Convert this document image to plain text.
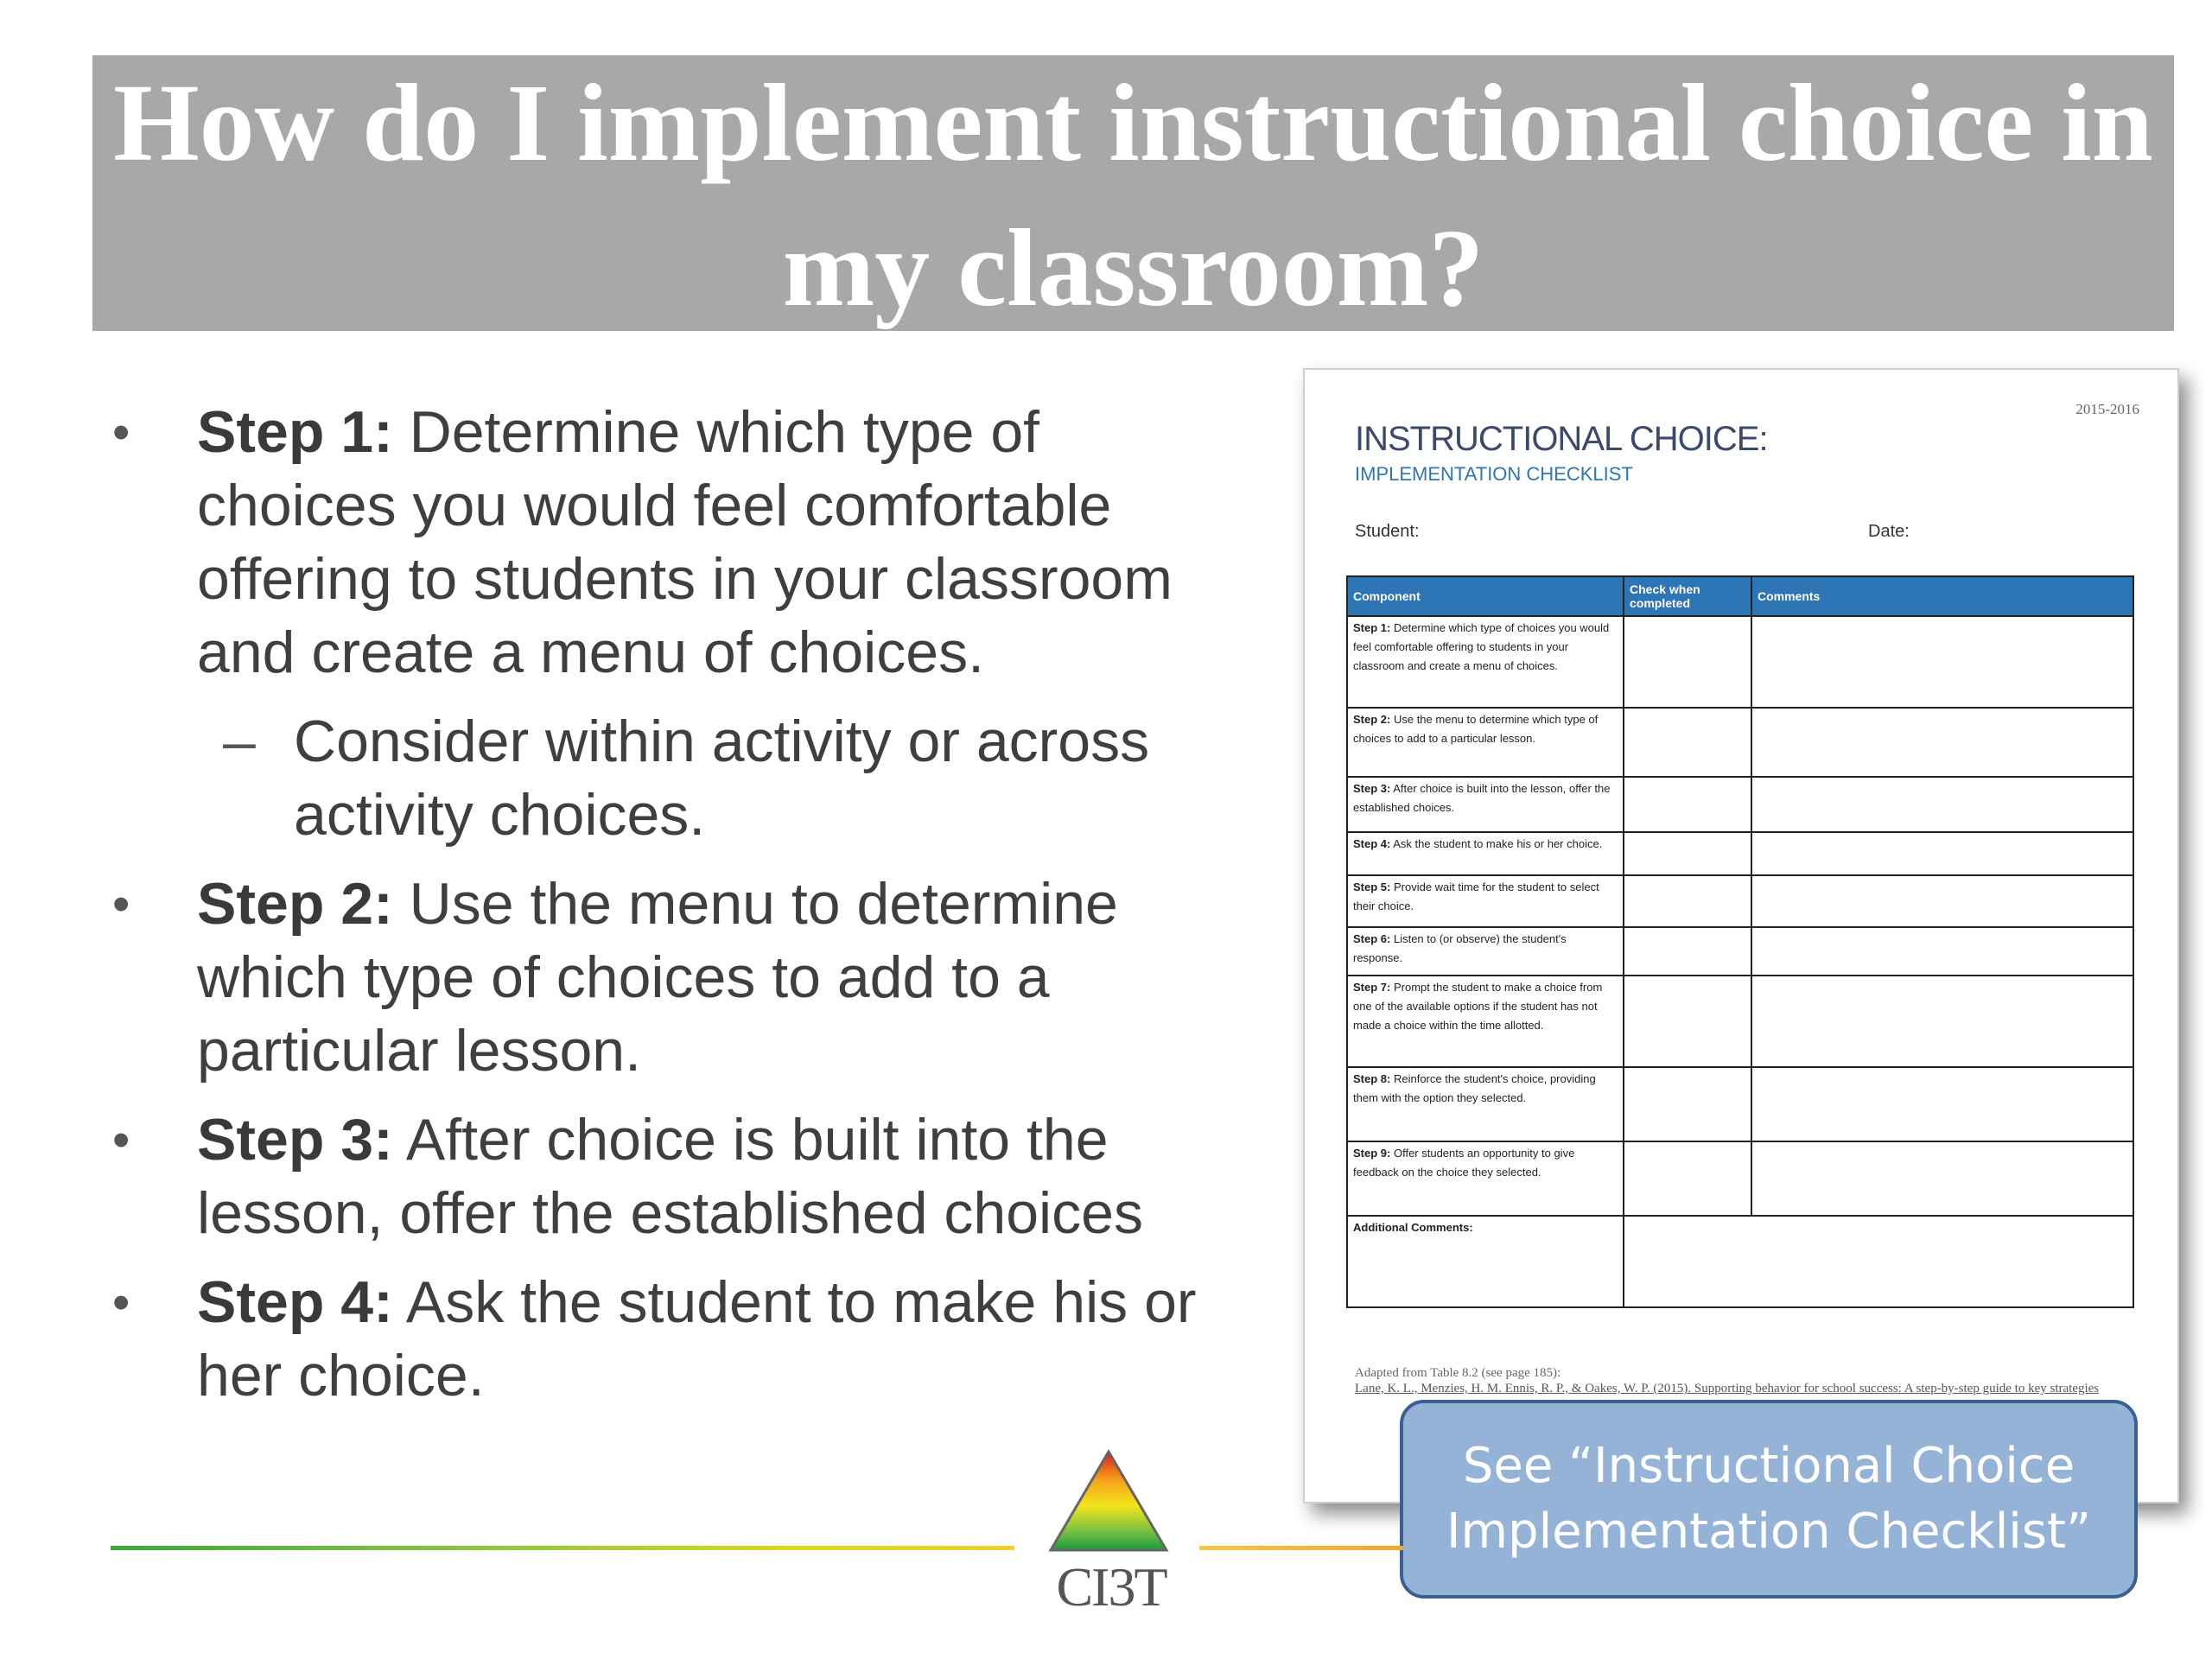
How do I implement instructional choice in my classroom?
• Step 1: Determine which type of choices you would feel comfortable offering to students in your classroom and create a menu of choices.
– Consider within activity or across activity choices.
• Step 2: Use the menu to determine which type of choices to add to a particular lesson.
• Step 3: After choice is built into the lesson, offer the established choices
• Step 4: Ask the student to make his or her choice.
2015-2016
INSTRUCTIONAL CHOICE:
IMPLEMENTATION CHECKLIST
Student:	Date:
Component	Check when completed	Comments
Step 1: Determine which type of choices you would feel comfortable offering to students in your classroom and create a menu of choices.		
Step 2: Use the menu to determine which type of choices to add to a particular lesson.		
Step 3: After choice is built into the lesson, offer the established choices.		
Step 4: Ask the student to make his or her choice.		
Step 5: Provide wait time for the student to select their choice.		
Step 6: Listen to (or observe) the student's response.		
Step 7: Prompt the student to make a choice from one of the available options if the student has not made a choice within the time allotted.		
Step 8: Reinforce the student's choice, providing them with the option they selected.		
Step 9: Offer students an opportunity to give feedback on the choice they selected.		
Additional Comments:		
Adapted from Table 8.2 (see page 185):
Lane, K. L., Menzies, H. M. Ennis, R. P., & Oakes, W. P. (2015). Supporting behavior for school success: A step-by-step guide to key strategies
See “Instructional Choice Implementation Checklist”
CI3T
